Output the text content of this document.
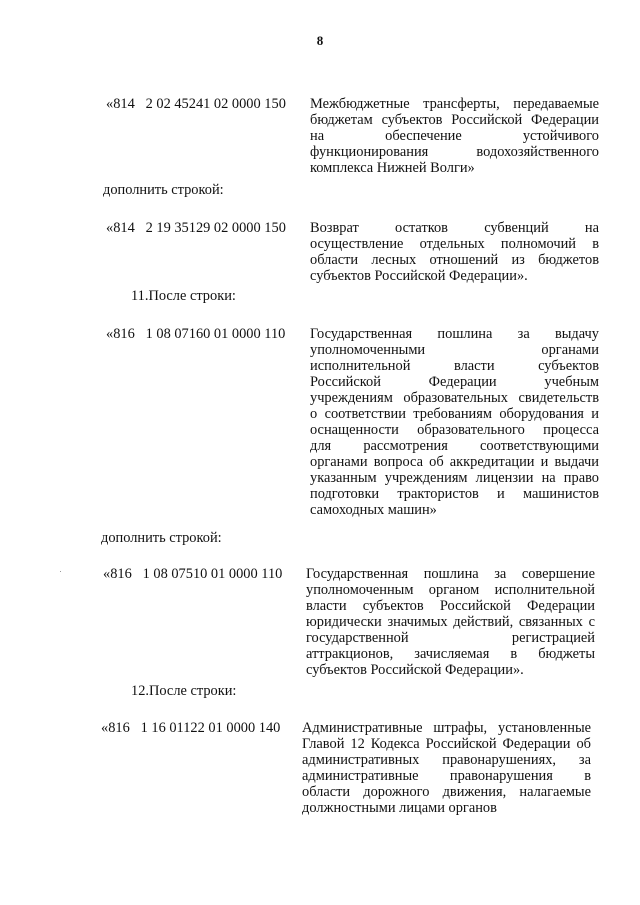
8
«814   2 02 45241 02 0000 150 Межбюджетные трансферты, передаваемые
бюджетам субъектов Российской Федерации
на обеспечение устойчивого
функционирования водохозяйственного
комплекса Нижней Волги»
дополнить строкой:
«814   2 19 35129 02 0000 150 Возврат остатков субвенций на
осуществление отдельных полномочий в
области лесных отношений из бюджетов
субъектов Российской Федерации».
11.После строки:
«816   1 08 07160 01 0000 110 Государственная пошлина за выдачу
уполномоченными органами
исполнительной власти субъектов
Российской Федерации учебным
учреждениям образовательных свидетельств
о соответствии требованиям оборудования и
оснащенности образовательного процесса
для рассмотрения соответствующими
органами вопроса об аккредитации и выдачи
указанным учреждениям лицензии на право
подготовки трактористов и машинистов
самоходных машин»
дополнить строкой:
«816   1 08 07510 01 0000 110 Государственная пошлина за совершение
уполномоченным органом исполнительной
власти субъектов Российской Федерации
юридически значимых действий, связанных с
государственной регистрацией
аттракционов, зачисляемая в бюджеты
субъектов Российской Федерации».
12.После строки:
«816   1 16 01122 01 0000 140 Административные штрафы, установленные
Главой 12 Кодекса Российской Федерации об
административных правонарушениях, за
административные правонарушения в
области дорожного движения, налагаемые
должностными лицами органов
